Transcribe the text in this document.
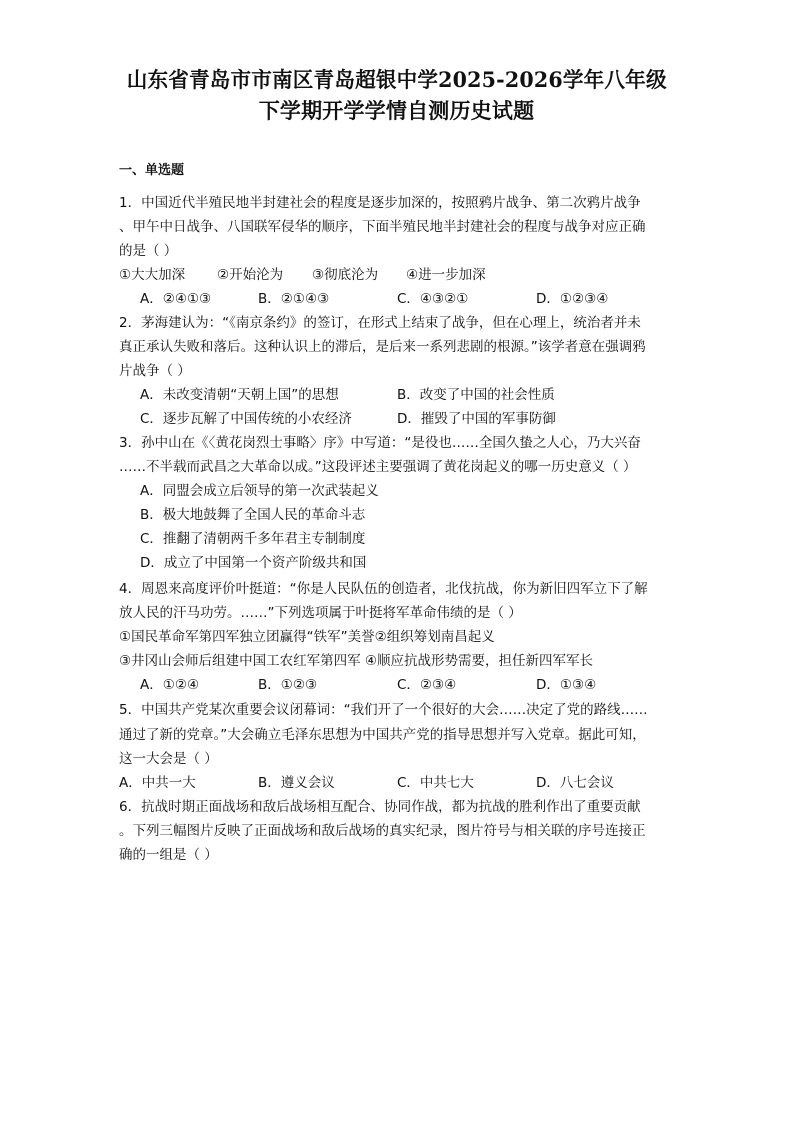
山东省青岛市市南区青岛超银中学2025-2026学年八年级
下学期开学学情自测历史试题
一、单选题
1．中国近代半殖民地半封建社会的程度是逐步加深的，按照鸦片战争、第二次鸦片战争
、甲午中日战争、八国联军侵华的顺序，下面半殖民地半封建社会的程度与战争对应正确
的是（ ）
①大大加深 ②开始沦为 ③彻底沦为 ④进一步加深
A．②④①③	B．②①④③	C．④③②①	D．①②③④
2．茅海建认为：“《南京条约》的签订，在形式上结束了战争，但在心理上，统治者并未
真正承认失败和落后。这种认识上的滞后，是后来一系列悲剧的根源。”该学者意在强调鸦
片战争（ ）
A．未改变清朝“天朝上国”的思想	B．改变了中国的社会性质
C．逐步瓦解了中国传统的小农经济	D．摧毁了中国的军事防御
3．孙中山在《〈黄花岗烈士事略〉序》中写道：“是役也……全国久蛰之人心，乃大兴奋
……不半载而武昌之大革命以成。”这段评述主要强调了黄花岗起义的哪一历史意义（ ）
A．同盟会成立后领导的第一次武装起义
B．极大地鼓舞了全国人民的革命斗志
C．推翻了清朝两千多年君主专制制度
D．成立了中国第一个资产阶级共和国
4．周恩来高度评价叶挺道：“你是人民队伍的创造者，北伐抗战，你为新旧四军立下了解
放人民的汗马功劳。……”下列选项属于叶挺将军革命伟绩的是（ ）
①国民革命军第四军独立团赢得“铁军”美誉②组织筹划南昌起义
③井冈山会师后组建中国工农红军第四军 ④顺应抗战形势需要，担任新四军军长
A．①②④	B．①②③	C．②③④	D．①③④
5．中国共产党某次重要会议闭幕词：“我们开了一个很好的大会……决定了党的路线……
通过了新的党章。”大会确立毛泽东思想为中国共产党的指导思想并写入党章。据此可知，
这一大会是（ ）
A．中共一大	B．遵义会议	C．中共七大	D．八七会议
6．抗战时期正面战场和敌后战场相互配合、协同作战，都为抗战的胜利作出了重要贡献
。下列三幅图片反映了正面战场和敌后战场的真实纪录，图片符号与相关联的序号连接正
确的一组是（ ）
